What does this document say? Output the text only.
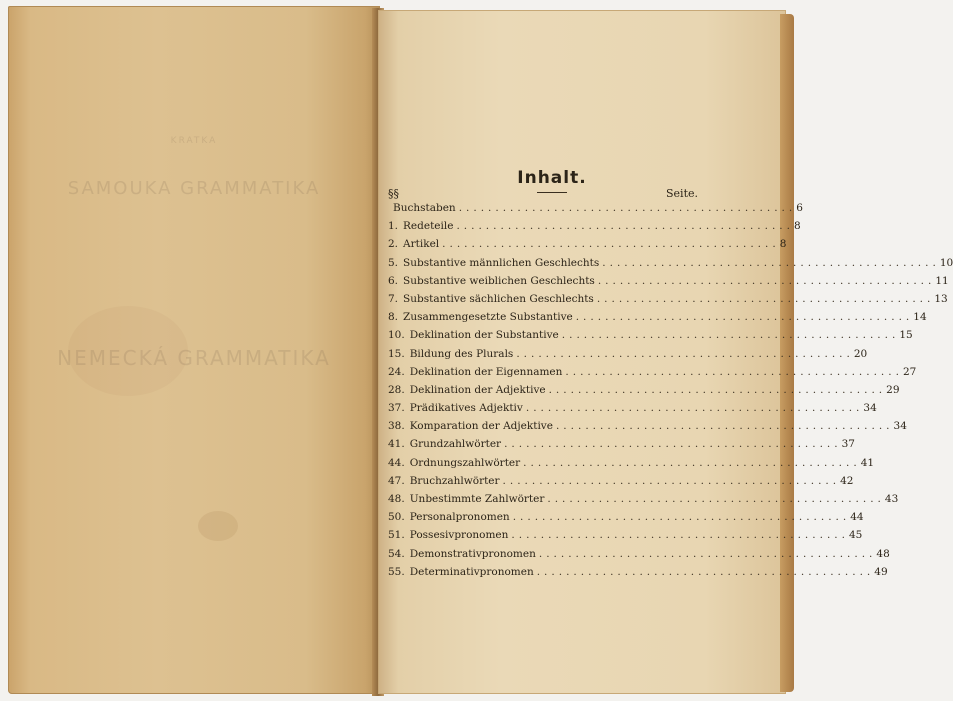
KRATKA
SAMOUKA GRAMMATIKA
NEMECKÁ GRAMMATIKA
Inhalt.
§§	Seite.
Buchstaben .............................................. 6
1. Redeteile .............................................. 8
2. Artikel .............................................. 8
5. Substantive männlichen Geschlechts .............................................. 10
6. Substantive weiblichen Geschlechts .............................................. 11
7. Substantive sächlichen Geschlechts .............................................. 13
8. Zusammengesetzte Substantive .............................................. 14
10. Deklination der Substantive .............................................. 15
15. Bildung des Plurals .............................................. 20
24. Deklination der Eigennamen .............................................. 27
28. Deklination der Adjektive .............................................. 29
37. Prädikatives Adjektiv .............................................. 34
38. Komparation der Adjektive .............................................. 34
41. Grundzahlwörter .............................................. 37
44. Ordnungszahlwörter .............................................. 41
47. Bruchzahlwörter .............................................. 42
48. Unbestimmte Zahlwörter .............................................. 43
50. Personalpronomen .............................................. 44
51. Possesivpronomen .............................................. 45
54. Demonstrativpronomen .............................................. 48
55. Determinativpronomen .............................................. 49
